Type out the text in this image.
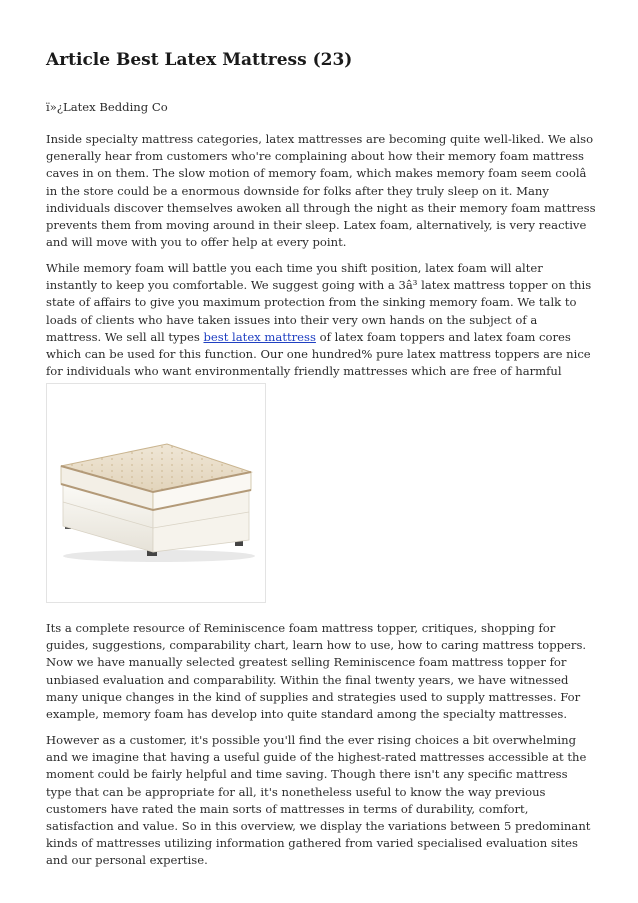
Article Best Latex Mattress (23)

ï»¿Latex Bedding Co

Inside specialty mattress categories, latex mattresses are becoming quite well-liked. We also generally hear from customers who're complaining about how their memory foam mattress caves in on them. The slow motion of memory foam, which makes memory foam seem coolâ in the store could be a enormous downside for folks after they truly sleep on it. Many individuals discover themselves awoken all through the night as their memory foam mattress prevents them from moving around in their sleep. Latex foam, alternatively, is very reactive and will move with you to offer help at every point.

While memory foam will battle you each time you shift position, latex foam will alter instantly to keep you comfortable. We suggest going with a 3â³ latex mattress topper on this state of affairs to give you maximum protection from the sinking memory foam. We talk to loads of clients who have taken issues into their very own hands on the subject of a mattress. We sell all types best latex mattress of latex foam toppers and latex foam cores which can be used for this function. Our one hundred% pure latex mattress toppers are nice for individuals who want environmentally friendly mattresses which are free of harmful

Its a complete resource of Reminiscence foam mattress topper, critiques, shopping for guides, suggestions, comparability chart, learn how to use, how to caring mattress toppers. Now we have manually selected greatest selling Reminiscence foam mattress topper for unbiased evaluation and comparability. Within the final twenty years, we have witnessed many unique changes in the kind of supplies and strategies used to supply mattresses. For example, memory foam has develop into quite standard among the specialty mattresses.

However as a customer, it's possible you'll find the ever rising choices a bit overwhelming and we imagine that having a useful guide of the highest-rated mattresses accessible at the moment could be fairly helpful and time saving. Though there isn't any specific mattress type that can be appropriate for all, it's nonetheless useful to know the way previous customers have rated the main sorts of mattresses in terms of durability, comfort, satisfaction and value. So in this overview, we display the variations between 5 predominant kinds of mattresses utilizing information gathered from varied specialised evaluation sites and our personal expertise.
